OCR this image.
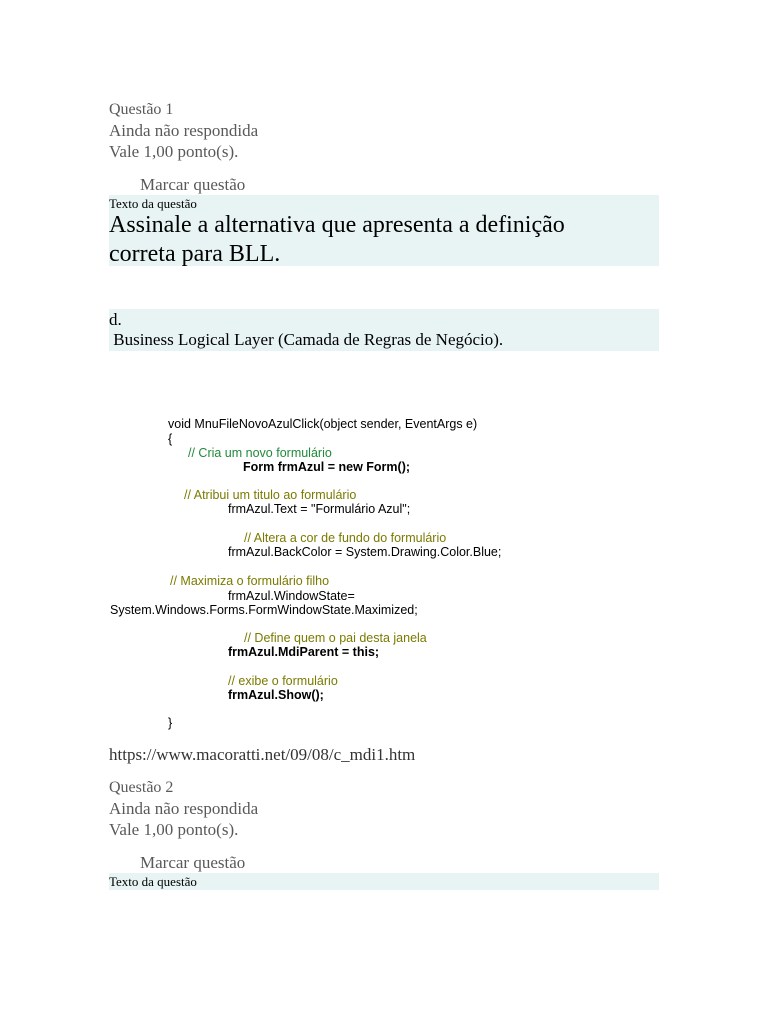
Questão 1
Ainda não respondida
Vale 1,00 ponto(s).
Marcar questão
Texto da questão
Assinale a alternativa que apresenta a definição
correta para BLL.
d.
Business Logical Layer (Camada de Regras de Negócio).
void MnuFileNovoAzulClick(object sender, EventArgs e)
{
// Cria um novo formulário
Form frmAzul = new Form();
// Atribui um titulo ao formulário
frmAzul.Text = "Formulário Azul";
// Altera a cor de fundo do formulário
frmAzul.BackColor = System.Drawing.Color.Blue;
// Maximiza o formulário filho
frmAzul.WindowState=
System.Windows.Forms.FormWindowState.Maximized;
// Define quem o pai desta janela
frmAzul.MdiParent = this;
// exibe o formulário
frmAzul.Show();
}
https://www.macoratti.net/09/08/c_mdi1.htm
Questão 2
Ainda não respondida
Vale 1,00 ponto(s).
Marcar questão
Texto da questão
